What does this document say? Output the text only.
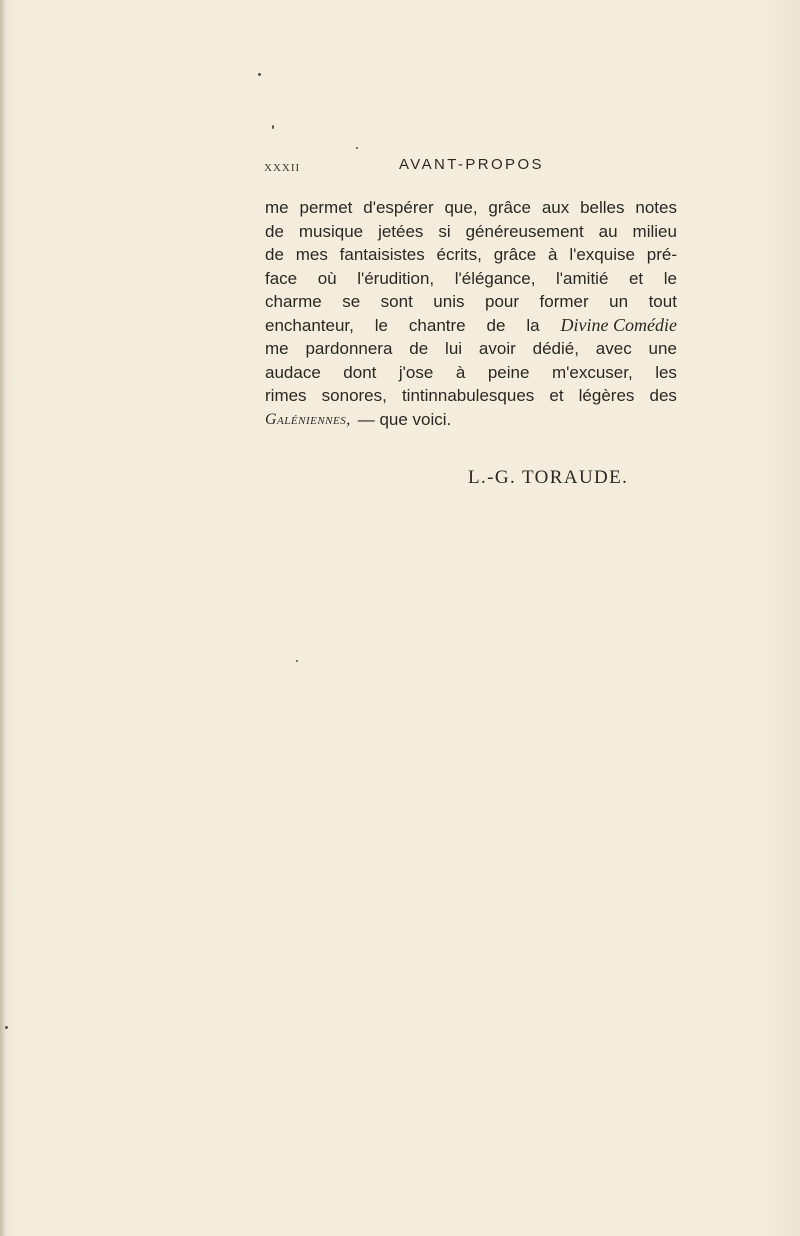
XXXII	AVANT-PROPOS
me permet d'espérer que, grâce aux belles notes
de musique jetées si généreusement au milieu
de mes fantaisistes écrits, grâce à l'exquise pré-
face où l'érudition, l'élégance, l'amitié et le
charme se sont unis pour former un tout
enchanteur, le chantre de la Divine Comédie
me pardonnera de lui avoir dédié, avec une
audace dont j'ose à peine m'excuser, les
rimes sonores, tintinnabulesques et légères des
Galéniennes, — que voici.
L.-G. TORAUDE.
